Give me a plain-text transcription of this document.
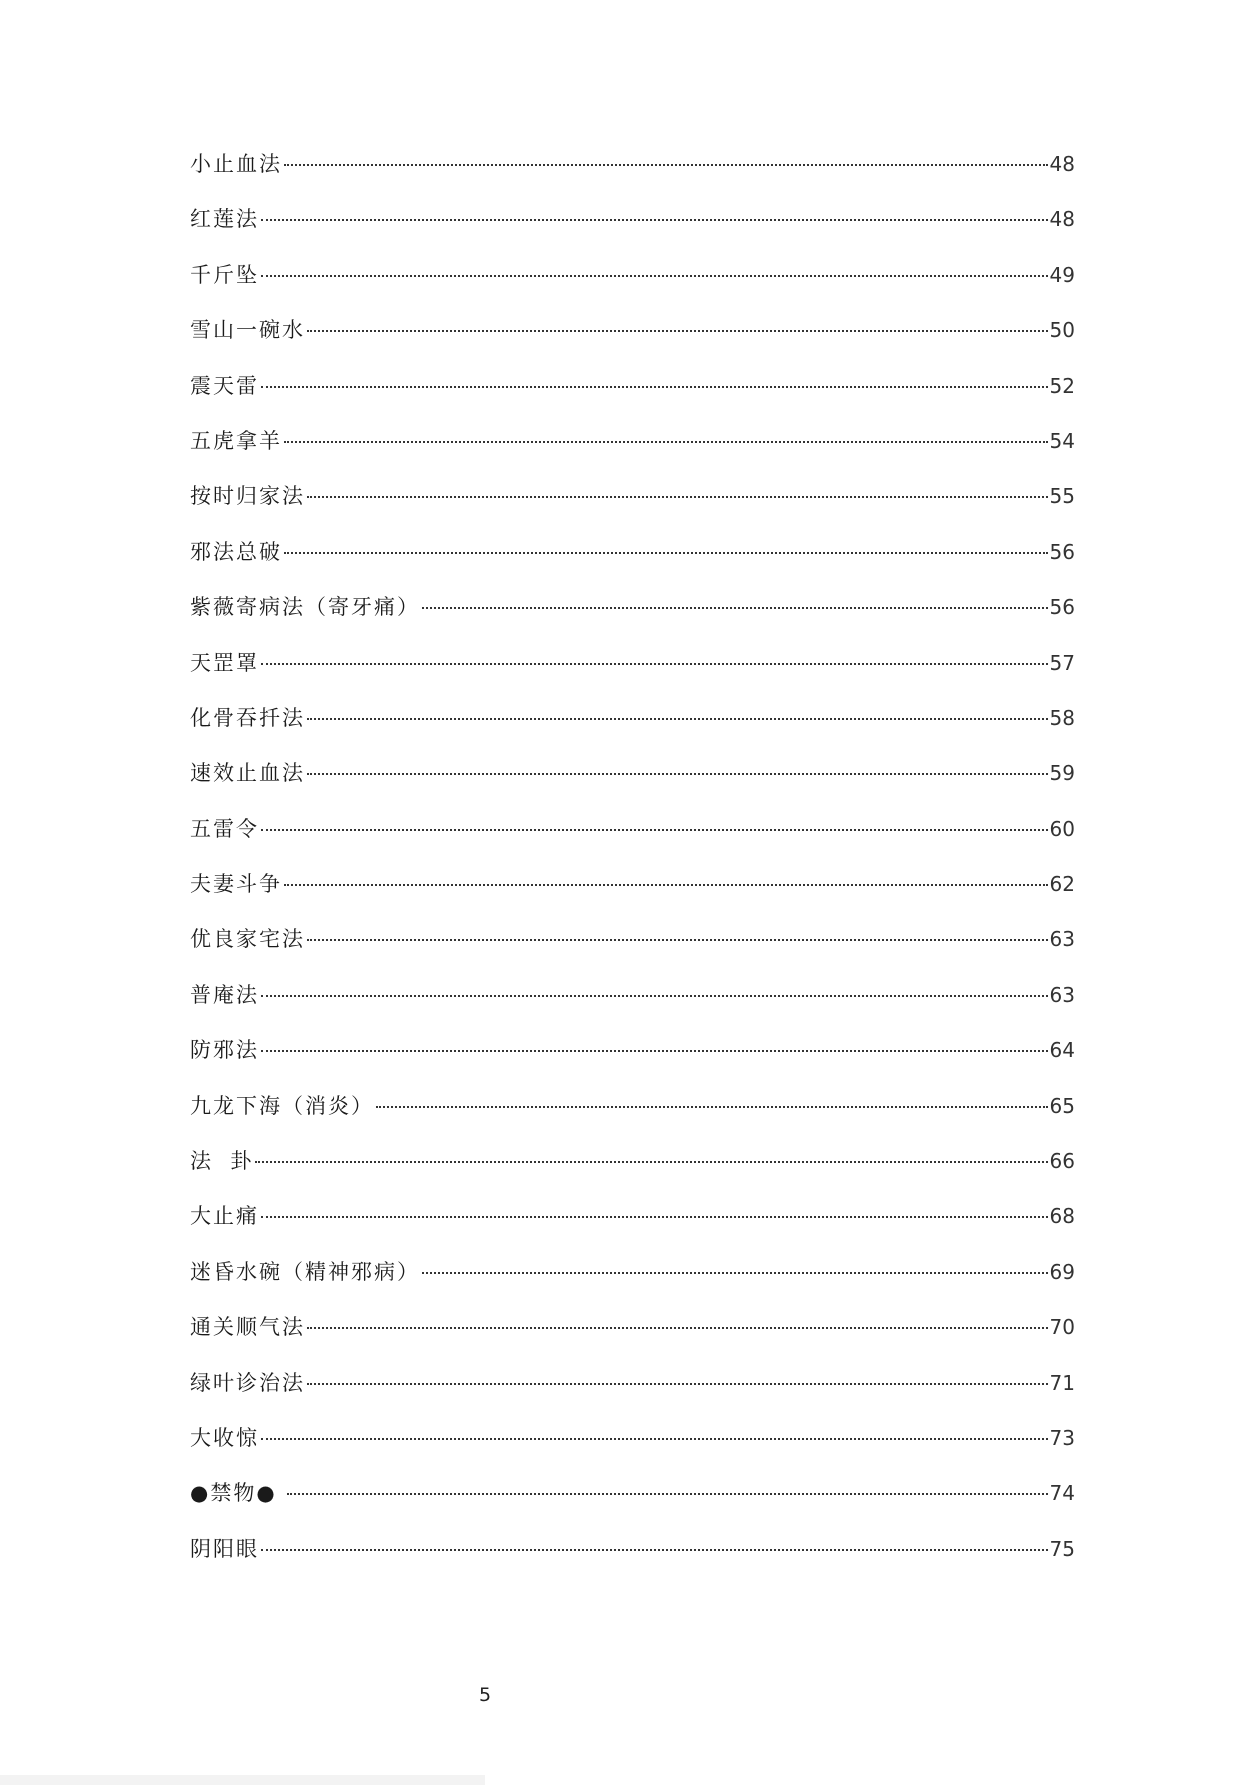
小止血法	48
红莲法	48
千斤坠	49
雪山一碗水	50
震天雷	52
五虎拿羊	54
按时归家法	55
邪法总破	56
紫薇寄病法（寄牙痛）	56
天罡罩	57
化骨吞扦法	58
速效止血法	59
五雷令	60
夫妻斗争	62
优良家宅法	63
普庵法	63
防邪法	64
九龙下海（消炎）	65
法  卦	66
大止痛	68
迷昏水碗（精神邪病）	69
通关顺气法	70
绿叶诊治法	71
大收惊	73
●禁物●	74
阴阳眼	75
5
